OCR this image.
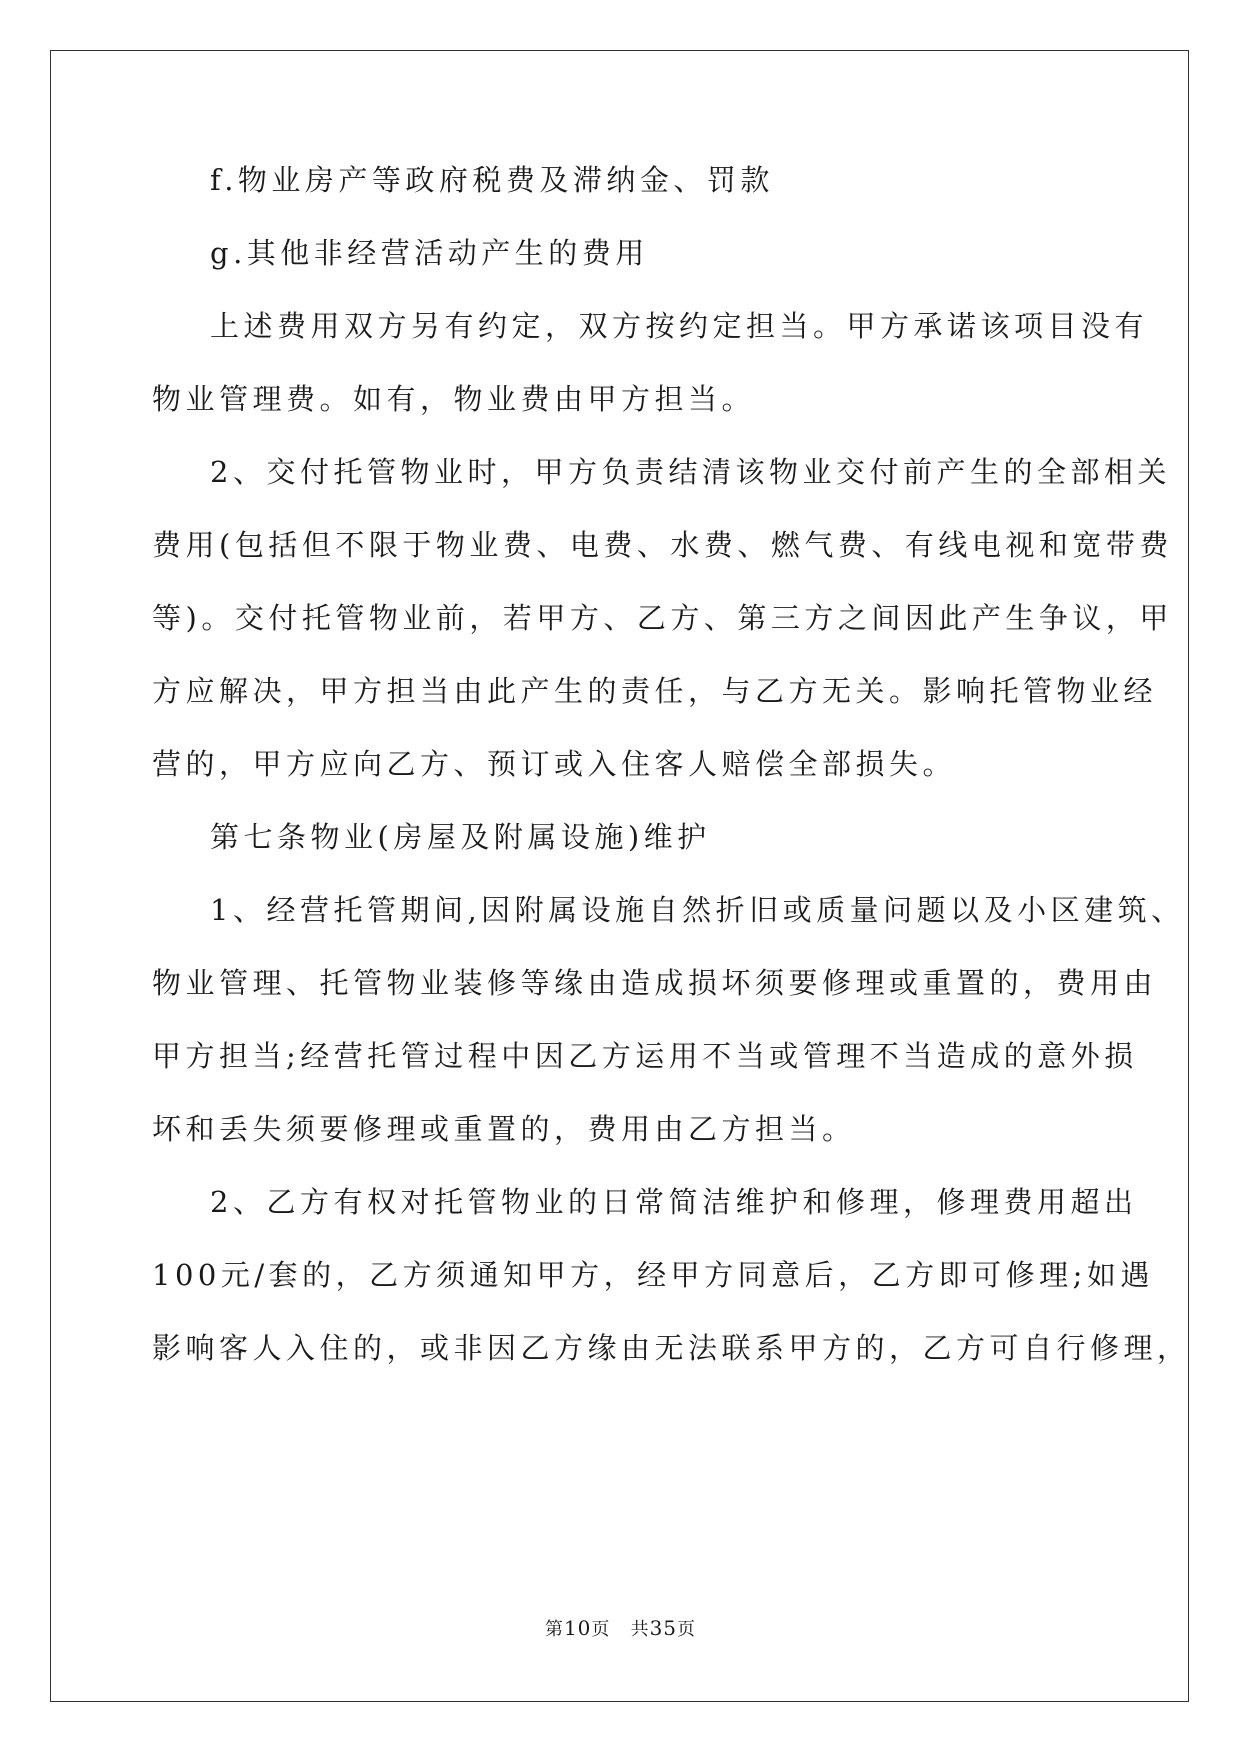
f.物业房产等政府税费及滞纳金、罚款
g.其他非经营活动产生的费用
上述费用双方另有约定，双方按约定担当。甲方承诺该项目没有
物业管理费。如有，物业费由甲方担当。
2、交付托管物业时，甲方负责结清该物业交付前产生的全部相关
费用(包括但不限于物业费、电费、水费、燃气费、有线电视和宽带费
等)。交付托管物业前，若甲方、乙方、第三方之间因此产生争议，甲
方应解决，甲方担当由此产生的责任，与乙方无关。影响托管物业经
营的，甲方应向乙方、预订或入住客人赔偿全部损失。
第七条物业(房屋及附属设施)维护
1、经营托管期间,因附属设施自然折旧或质量问题以及小区建筑、
物业管理、托管物业装修等缘由造成损坏须要修理或重置的，费用由
甲方担当;经营托管过程中因乙方运用不当或管理不当造成的意外损
坏和丢失须要修理或重置的，费用由乙方担当。
2、乙方有权对托管物业的日常简洁维护和修理，修理费用超出
100元/套的，乙方须通知甲方，经甲方同意后，乙方即可修理;如遇
影响客人入住的，或非因乙方缘由无法联系甲方的，乙方可自行修理，
第10页   共35页
